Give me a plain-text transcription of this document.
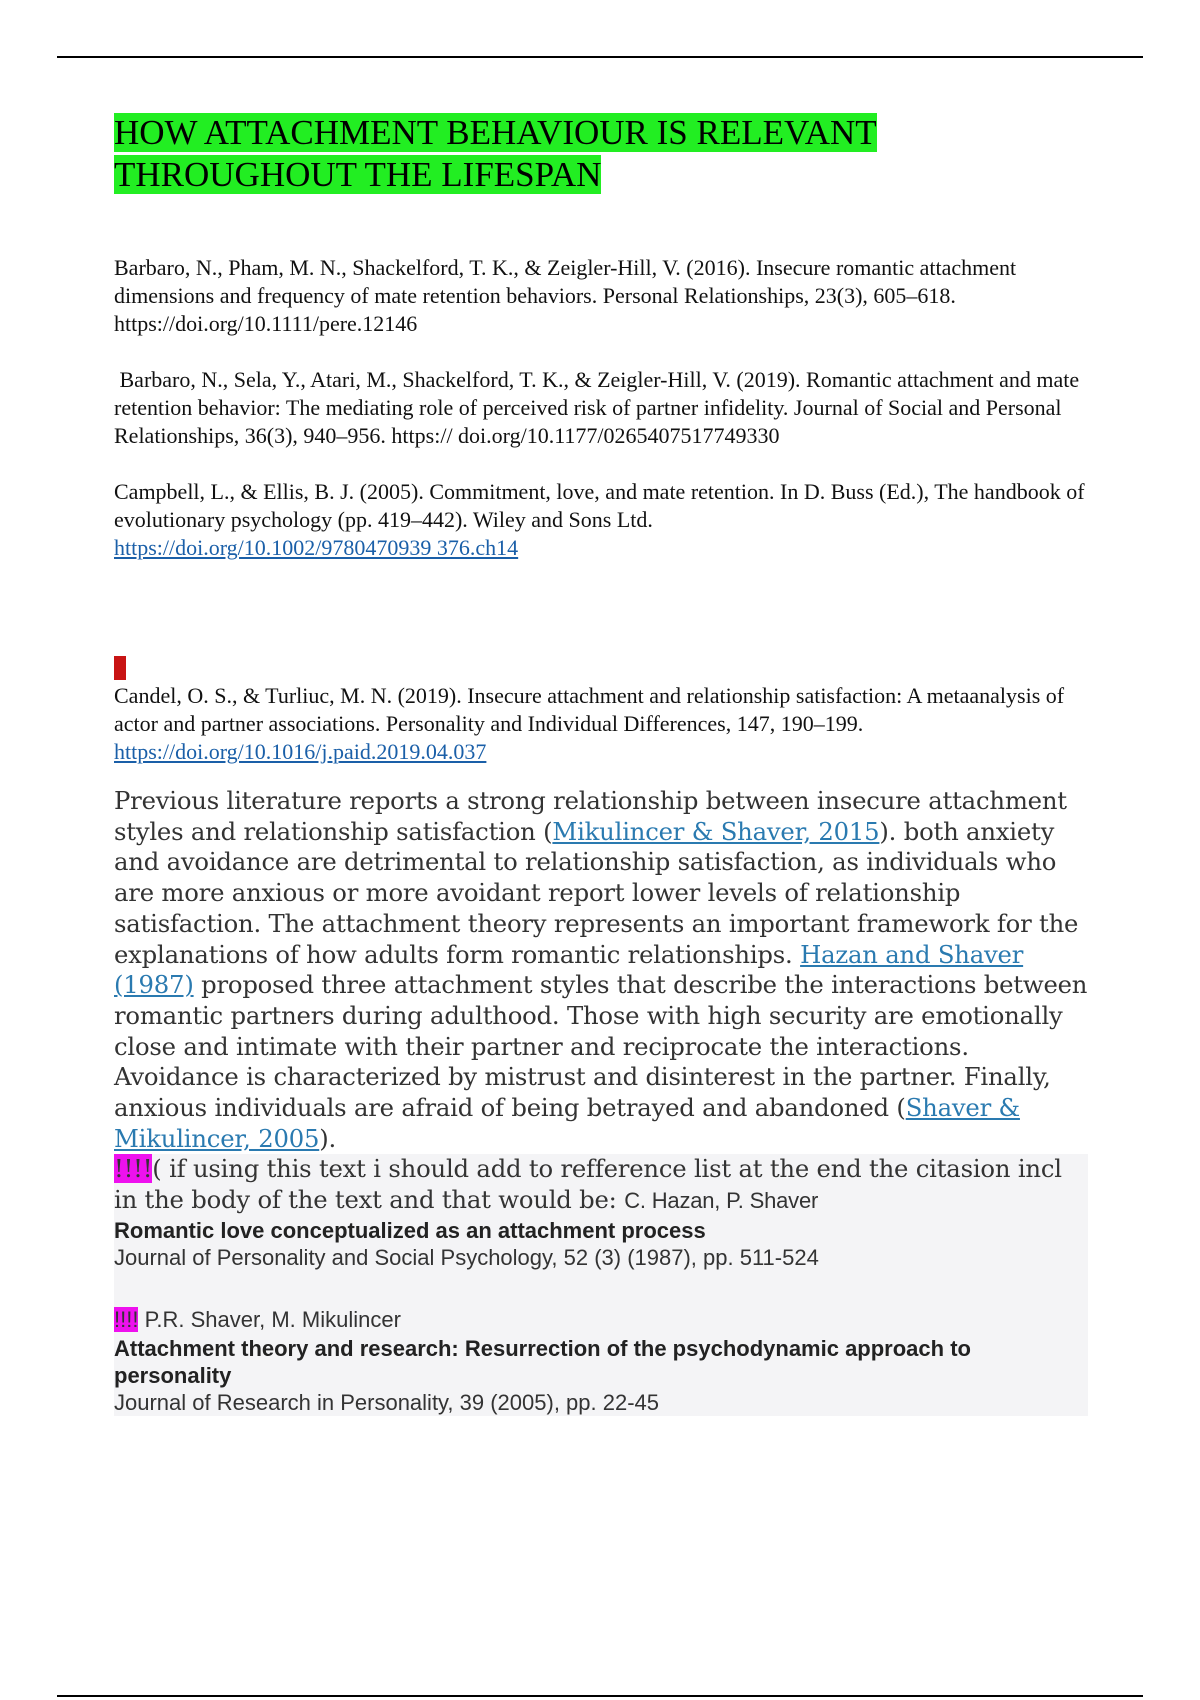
HOW ATTACHMENT BEHAVIOUR IS RELEVANT
THROUGHOUT THE LIFESPAN
Barbaro, N., Pham, M. N., Shackelford, T. K., & Zeigler-Hill, V. (2016). Insecure romantic attachment dimensions and frequency of mate retention behaviors. Personal Relationships, 23(3), 605–618. https://doi.org/10.1111/pere.12146
Barbaro, N., Sela, Y., Atari, M., Shackelford, T. K., & Zeigler-Hill, V. (2019). Romantic attachment and mate retention behavior: The mediating role of perceived risk of partner infidelity. Journal of Social and Personal Relationships, 36(3), 940–956. https:// doi.org/10.1177/0265407517749330
Campbell, L., & Ellis, B. J. (2005). Commitment, love, and mate retention. In D. Buss (Ed.), The handbook of evolutionary psychology (pp. 419–442). Wiley and Sons Ltd.
https://doi.org/10.1002/9780470939 376.ch14
Candel, O. S., & Turliuc, M. N. (2019). Insecure attachment and relationship satisfaction: A metaanalysis of actor and partner associations. Personality and Individual Differences, 147, 190–199. https://doi.org/10.1016/j.paid.2019.04.037
Previous literature reports a strong relationship between insecure attachment styles and relationship satisfaction (Mikulincer & Shaver, 2015). both anxiety and avoidance are detrimental to relationship satisfaction, as individuals who are more anxious or more avoidant report lower levels of relationship satisfaction. The attachment theory represents an important framework for the explanations of how adults form romantic relationships. Hazan and Shaver (1987) proposed three attachment styles that describe the interactions between romantic partners during adulthood. Those with high security are emotionally close and intimate with their partner and reciprocate the interactions. Avoidance is characterized by mistrust and disinterest in the partner. Finally, anxious individuals are afraid of being betrayed and abandoned (Shaver & Mikulincer, 2005).
!!!!( if using this text i should add to refference list at the end the citasion incl in the body of the text and that would be: C. Hazan, P. Shaver
Romantic love conceptualized as an attachment process
Journal of Personality and Social Psychology, 52 (3) (1987), pp. 511-524
!!!! P.R. Shaver, M. Mikulincer
Attachment theory and research: Resurrection of the psychodynamic approach to personality
Journal of Research in Personality, 39 (2005), pp. 22-45
